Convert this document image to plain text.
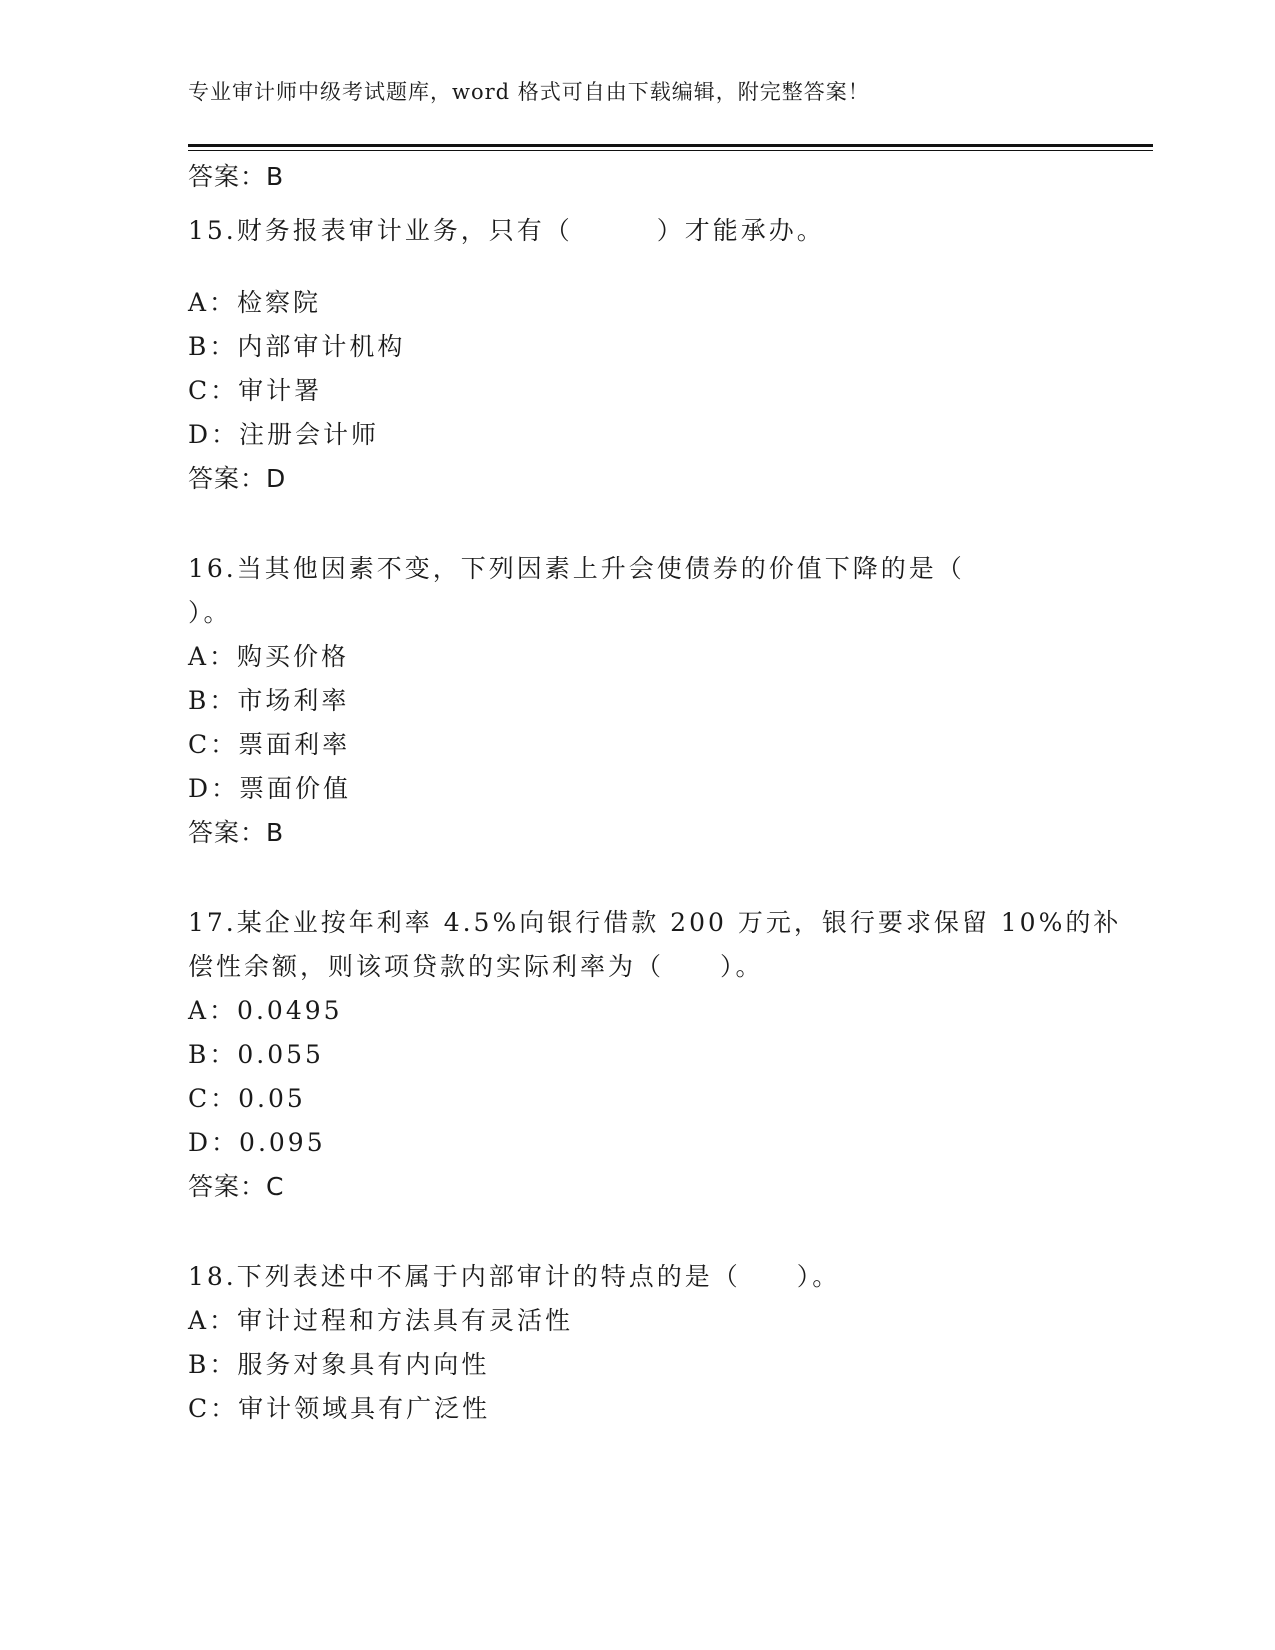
专业审计师中级考试题库，word 格式可自由下载编辑，附完整答案！
答案：B
15.财务报表审计业务，只有（　　　）才能承办。
A：检察院
B：内部审计机构
C：审计署
D：注册会计师
答案：D
16.当其他因素不变，下列因素上升会使债券的价值下降的是（
）。
A：购买价格
B：市场利率
C：票面利率
D：票面价值
答案：B
17.某企业按年利率 4.5%向银行借款 200 万元，银行要求保留 10%的补
偿性余额，则该项贷款的实际利率为（　　）。
A：0.0495
B：0.055
C：0.05
D：0.095
答案：C
18.下列表述中不属于内部审计的特点的是（　　）。
A：审计过程和方法具有灵活性
B：服务对象具有内向性
C：审计领域具有广泛性
